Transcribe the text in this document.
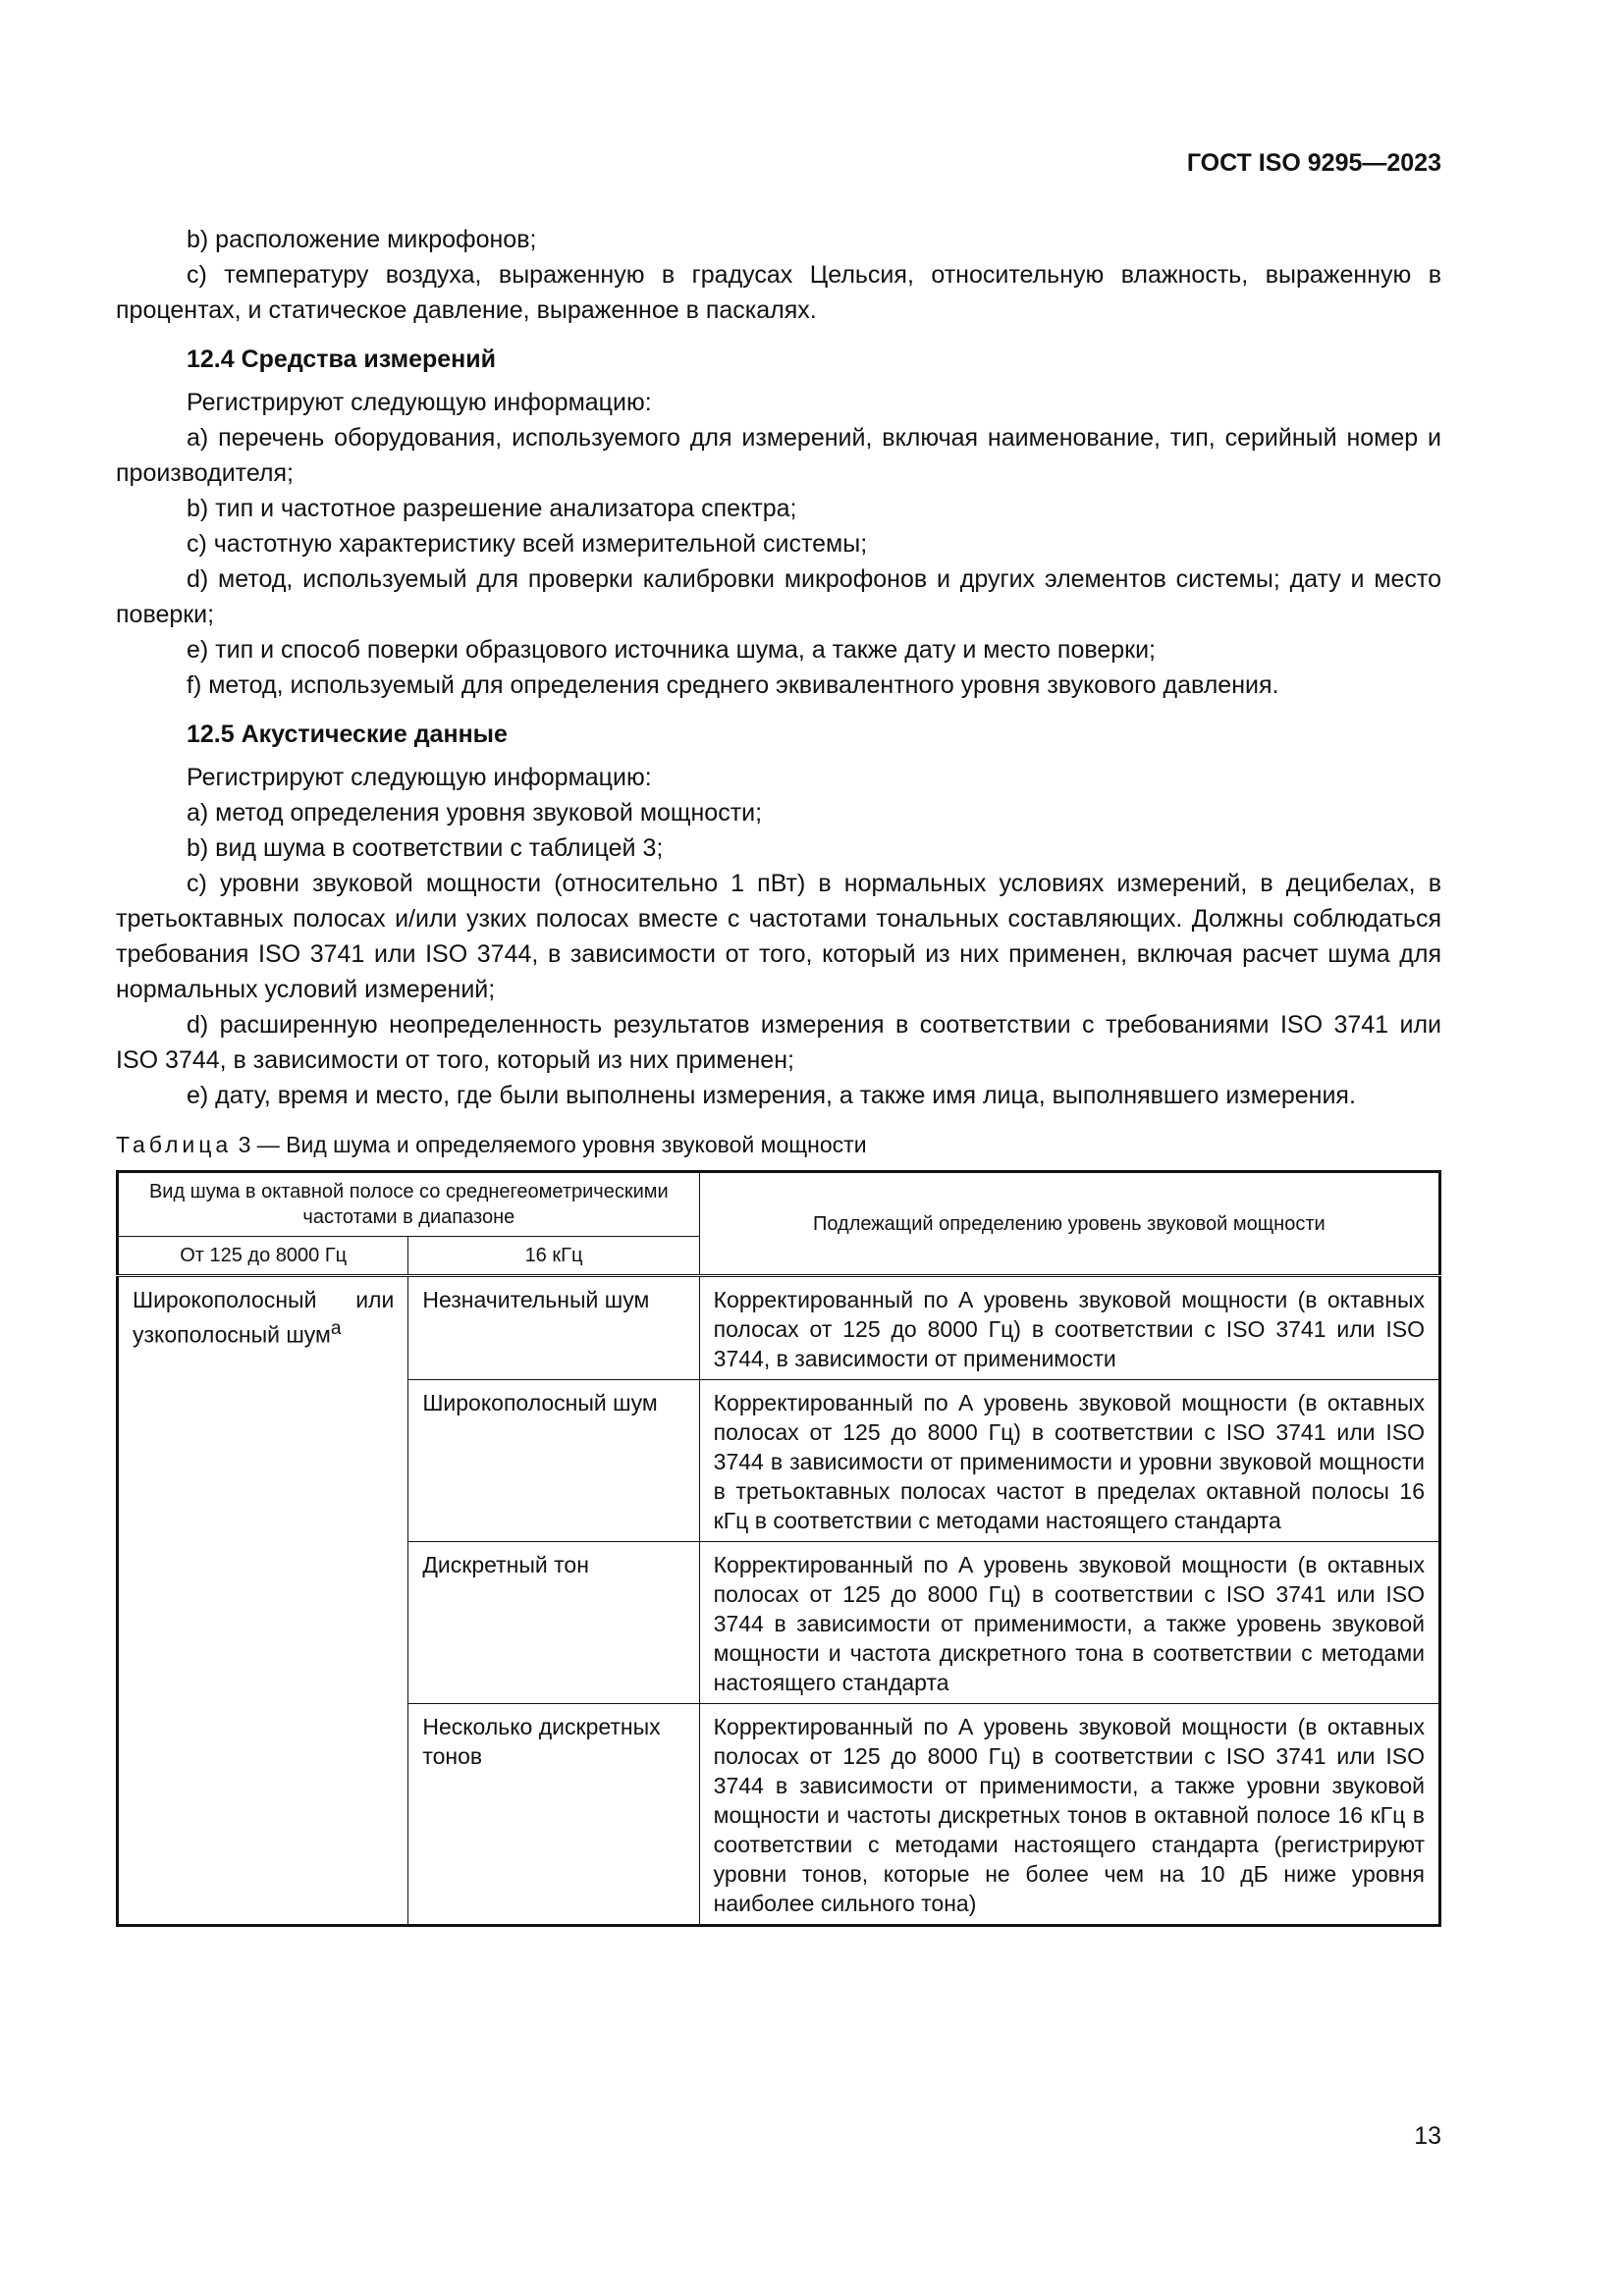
ГОСТ ISO 9295—2023

b) расположение микрофонов;

c) температуру воздуха, выраженную в градусах Цельсия, относительную влажность, выраженную в процентах, и статическое давление, выраженное в паскалях.

12.4 Средства измерений

Регистрируют следующую информацию:

a) перечень оборудования, используемого для измерений, включая наименование, тип, серийный номер и производителя;

b) тип и частотное разрешение анализатора спектра;

c) частотную характеристику всей измерительной системы;

d) метод, используемый для проверки калибровки микрофонов и других элементов системы; дату и место поверки;

e) тип и способ поверки образцового источника шума, а также дату и место поверки;

f) метод, используемый для определения среднего эквивалентного уровня звукового давления.

12.5 Акустические данные

Регистрируют следующую информацию:

a) метод определения уровня звуковой мощности;

b) вид шума в соответствии с таблицей 3;

c) уровни звуковой мощности (относительно 1 пВт) в нормальных условиях измерений, в децибелах, в третьоктавных полосах и/или узких полосах вместе с частотами тональных составляющих. Должны соблюдаться требования ISO 3741 или ISO 3744, в зависимости от того, который из них применен, включая расчет шума для нормальных условий измерений;

d) расширенную неопределенность результатов измерения в соответствии с требованиями ISO 3741 или ISO 3744, в зависимости от того, который из них применен;

e) дату, время и место, где были выполнены измерения, а также имя лица, выполнявшего измерения.

Таблица 3 — Вид шума и определяемого уровня звуковой мощности
Вид шума в октавной полосе со среднегеометрическими частотами в диапазоне		Подлежащий определению уровень звуковой мощности
От 125 до 8000 Гц	16 кГц	
Широкополосный или узкополосный шум$^a$	Незначительный шум	Корректированный по А уровень звуковой мощности (в октавных полосах от 125 до 8000 Гц) в соответствии с ISO 3741 или ISO 3744, в зависимости от применимости
	Широкополосный шум	Корректированный по А уровень звуковой мощности (в октавных полосах от 125 до 8000 Гц) в соответствии с ISO 3741 или ISO 3744 в зависимости от применимости и уровни звуковой мощности в третьоктавных полосах частот в пределах октавной полосы 16 кГц в соответствии с методами настоящего стандарта
	Дискретный тон	Корректированный по А уровень звуковой мощности (в октавных полосах от 125 до 8000 Гц) в соответствии с ISO 3741 или ISO 3744 в зависимости от применимости, а также уровень звуковой мощности и частота дискретного тона в соответствии с методами настоящего стандарта
	Несколько дискретных тонов	Корректированный по А уровень звуковой мощности (в октавных полосах от 125 до 8000 Гц) в соответствии с ISO 3741 или ISO 3744 в зависимости от применимости, а также уровни звуковой мощности и частоты дискретных тонов в октавной полосе 16 кГц в соответствии с методами настоящего стандарта (регистрируют уровни тонов, которые не более чем на 10 дБ ниже уровня наиболее сильного тона)
13
